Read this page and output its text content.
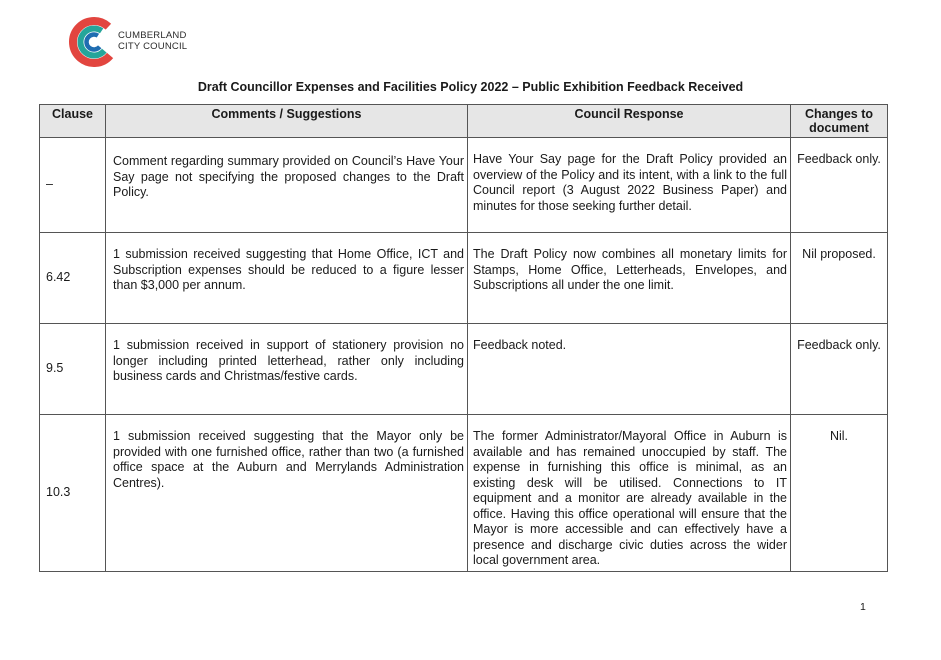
CUMBERLAND
CITY COUNCIL
Draft Councillor Expenses and Facilities Policy 2022 – Public Exhibition Feedback Received
Clause	Comments / Suggestions	Council Response	Changes to document
–	Comment regarding summary provided on Council’s Have Your Say page not specifying the proposed changes to the Draft Policy.	Have Your Say page for the Draft Policy provided an overview of the Policy and its intent, with a link to the full Council report (3 August 2022 Business Paper) and minutes for those seeking further detail.	Feedback only.
6.42	1 submission received suggesting that Home Office, ICT and Subscription expenses should be reduced to a figure lesser than $3,000 per annum.	The Draft Policy now combines all monetary limits for Stamps, Home Office, Letterheads, Envelopes, and Subscriptions all under the one limit.	Nil proposed.
9.5	1 submission received in support of stationery provision no longer including printed letterhead, rather only including business cards and Christmas/festive cards.	Feedback noted.	Feedback only.
10.3	1 submission received suggesting that the Mayor only be provided with one furnished office, rather than two (a furnished office space at the Auburn and Merrylands Administration Centres).	The former Administrator/Mayoral Office in Auburn is available and has remained unoccupied by staff. The expense in furnishing this office is minimal, as an existing desk will be utilised. Connections to IT equipment and a monitor are already available in the office. Having this office operational will ensure that the Mayor is more accessible and can effectively have a presence and discharge civic duties across the wider local government area.	Nil.
1
